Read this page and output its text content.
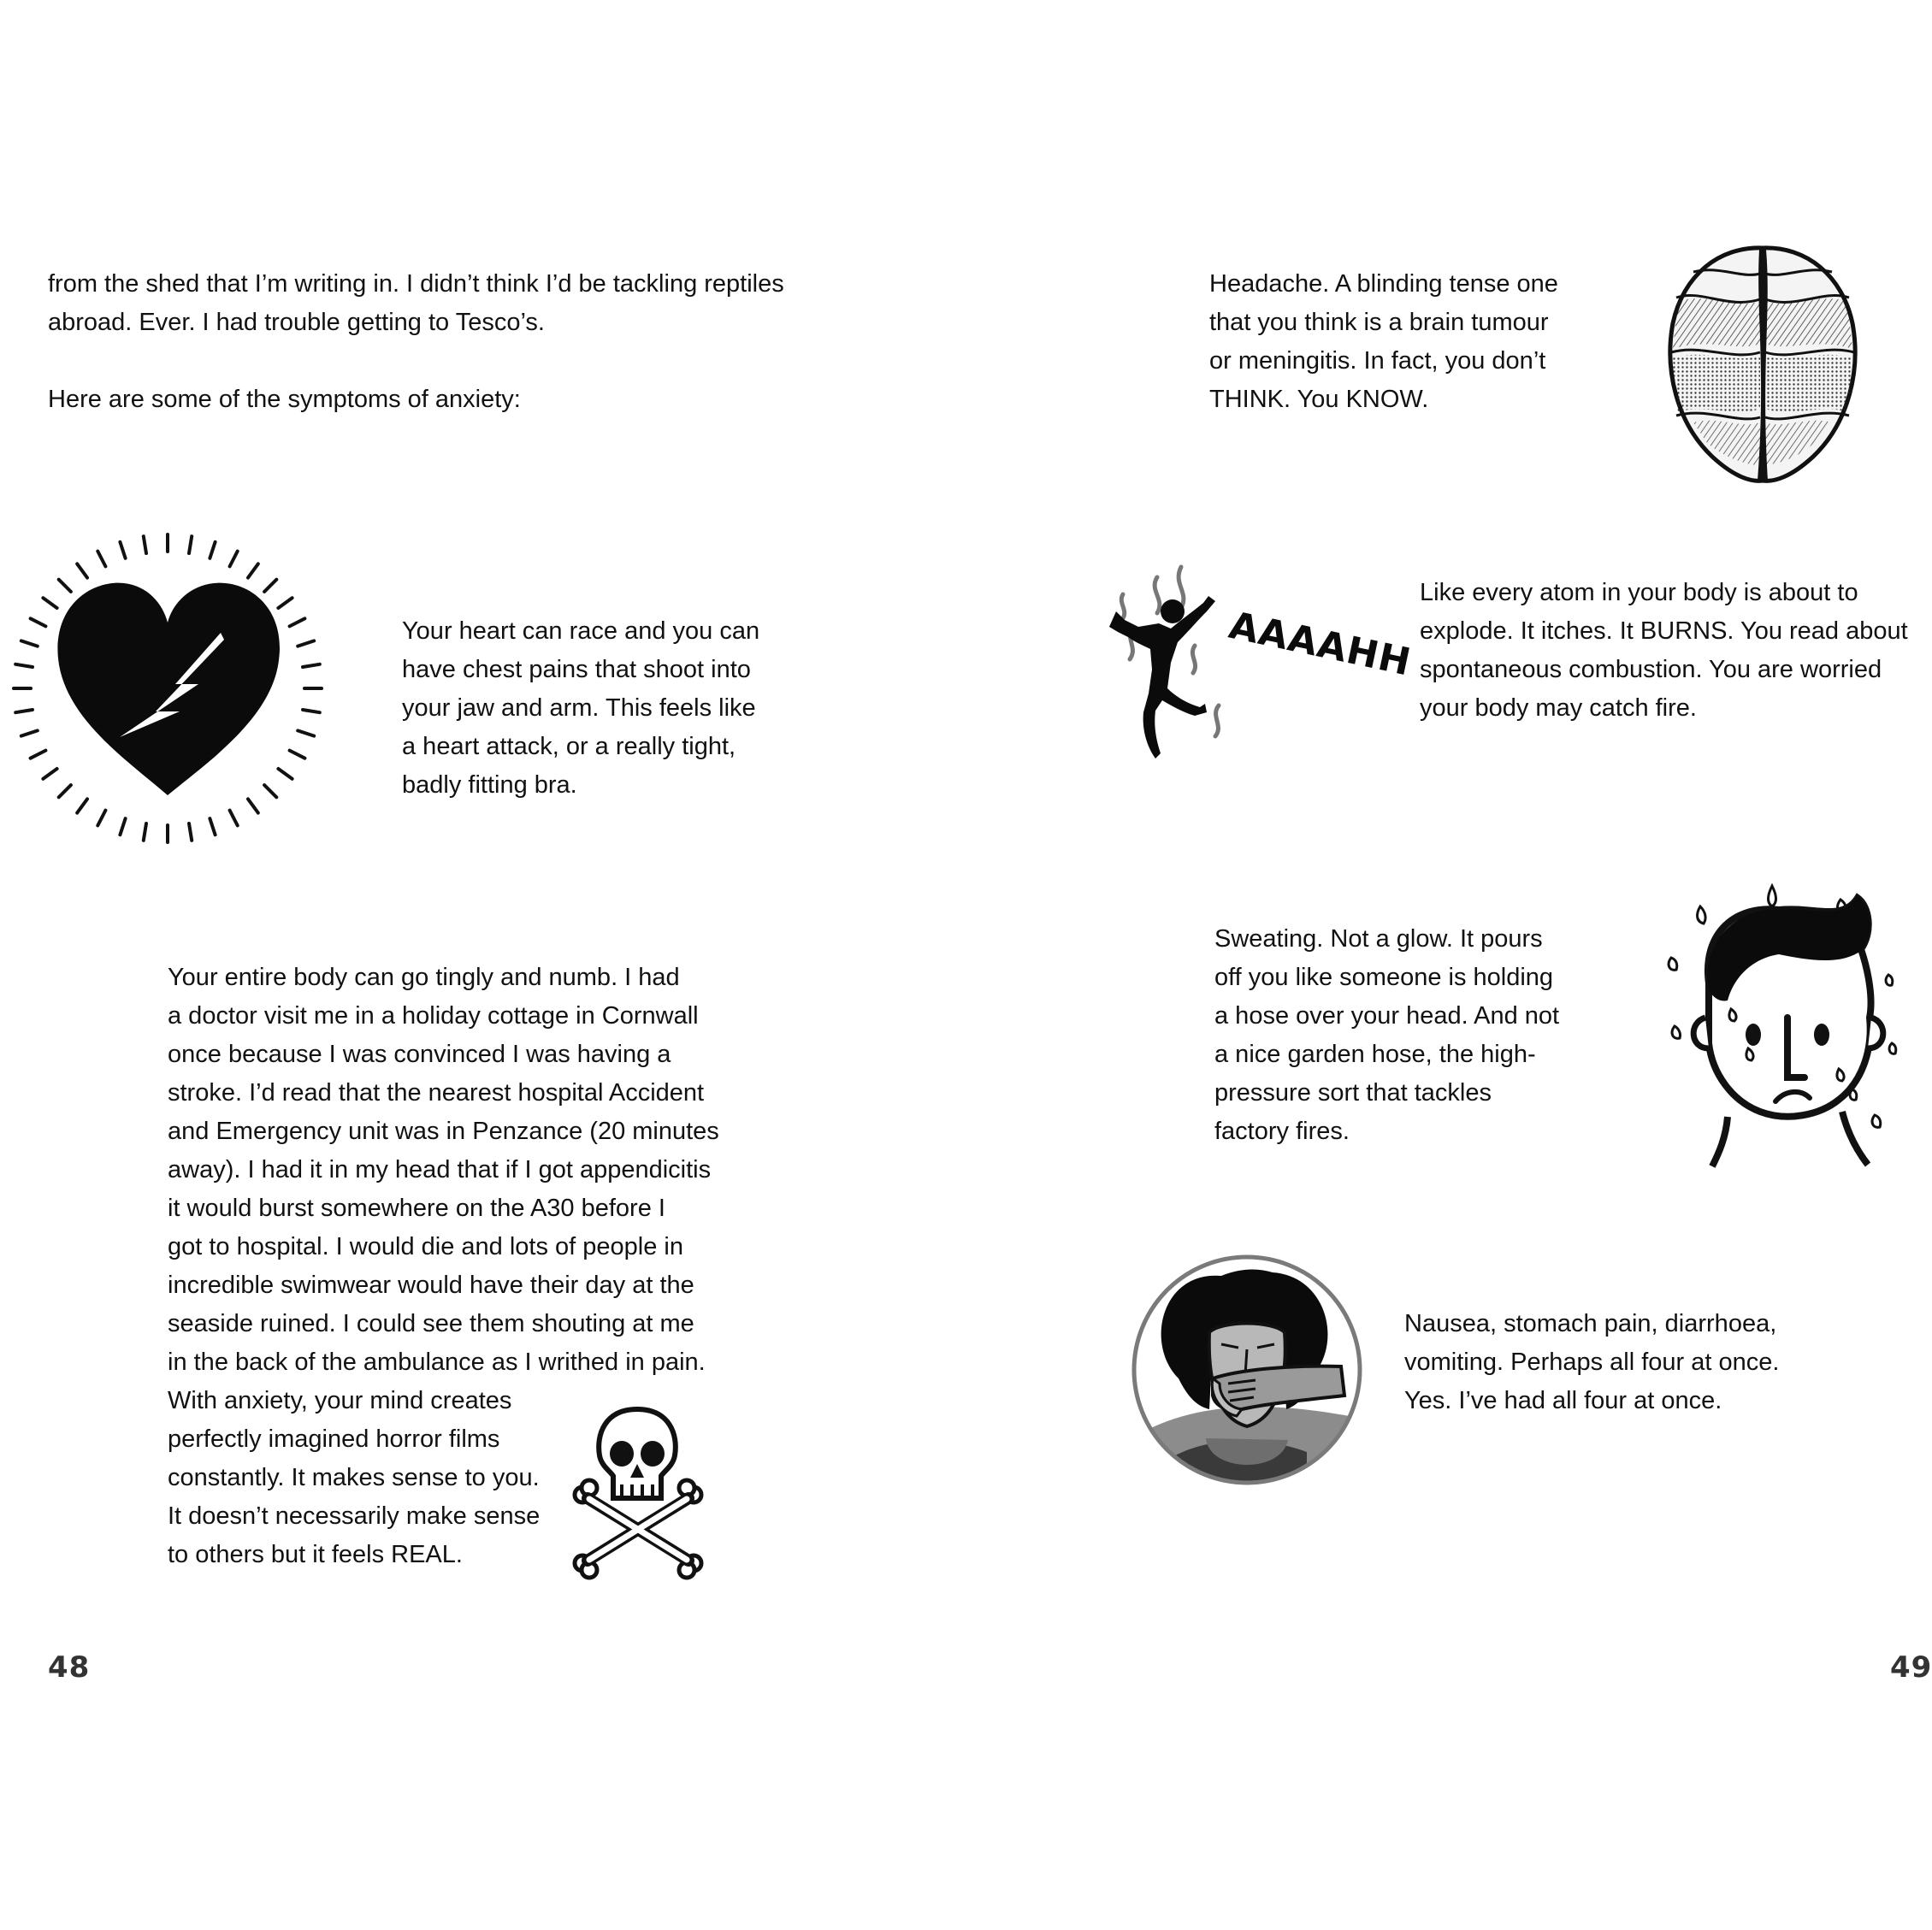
from the shed that I’m writing in. I didn’t think I’d be tackling reptiles
abroad. Ever. I had trouble getting to Tesco’s.
Here are some of the symptoms of anxiety:
Your heart can race and you can
have chest pains that shoot into
your jaw and arm. This feels like
a heart attack, or a really tight,
badly fitting bra.
Your entire body can go tingly and numb. I had
a doctor visit me in a holiday cottage in Cornwall
once because I was convinced I was having a
stroke. I’d read that the nearest hospital Accident
and Emergency unit was in Penzance (20 minutes
away). I had it in my head that if I got appendicitis
it would burst somewhere on the A30 before I
got to hospital. I would die and lots of people in
incredible swimwear would have their day at the
seaside ruined. I could see them shouting at me
in the back of the ambulance as I writhed in pain.
With anxiety, your mind creates
perfectly imagined horror films
constantly. It makes sense to you.
It doesn’t necessarily make sense
to others but it feels REAL.
48
Headache. A blinding tense one
that you think is a brain tumour
or meningitis. In fact, you don’t
THINK. You KNOW.
AAAAHH
Like every atom in your body is about to
explode. It itches. It BURNS. You read about
spontaneous combustion. You are worried
your body may catch fire.
Sweating. Not a glow. It pours
off you like someone is holding
a hose over your head. And not
a nice garden hose, the high-
pressure sort that tackles
factory fires.
Nausea, stomach pain, diarrhoea,
vomiting. Perhaps all four at once.
Yes. I’ve had all four at once.
49
